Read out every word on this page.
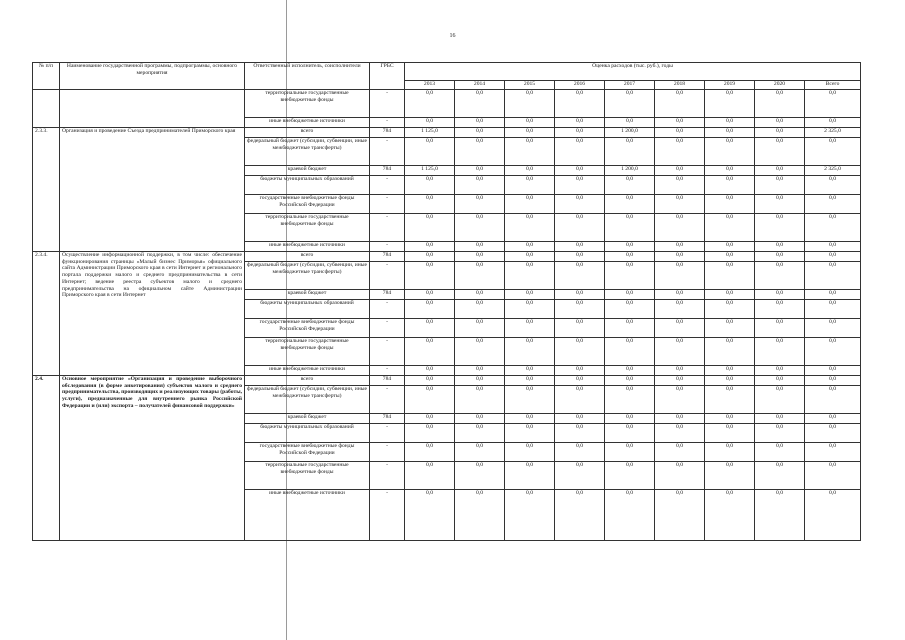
16
№ п/п	Наименование государственной программы, подпрограммы, основного мероприятия	Ответственный исполнитель, соисполнители	ГРБС	Оценка расходов (тыс. руб.), годы								
				2013	2014	2015	2016	2017	2018	2019	2020	Всего
		территориальные государственные внебюджетные фонды	-	0,0	0,0	0,0	0,0	0,0	0,0	0,0	0,0	0,0
		иные внебюджетные источники	-	0,0	0,0	0,0	0,0	0,0	0,0	0,0	0,0	0,0
2.3.3.	Организация и проведение Съезда предпринимателей Приморского края	всего	784	1 125,0	0,0	0,0	0,0	1 200,0	0,0	0,0	0,0	2 325,0
		федеральный бюджет (субсидии, субвенции, иные межбюджетные трансферты)	-	0,0	0,0	0,0	0,0	0,0	0,0	0,0	0,0	0,0
		краевой бюджет	784	1 125,0	0,0	0,0	0,0	1 200,0	0,0	0,0	0,0	2 325,0
		бюджеты муниципальных образований	-	0,0	0,0	0,0	0,0	0,0	0,0	0,0	0,0	0,0
		государственные внебюджетные фонды Российской Федерации	-	0,0	0,0	0,0	0,0	0,0	0,0	0,0	0,0	0,0
		территориальные государственные внебюджетные фонды	-	0,0	0,0	0,0	0,0	0,0	0,0	0,0	0,0	0,0
		иные внебюджетные источники	-	0,0	0,0	0,0	0,0	0,0	0,0	0,0	0,0	0,0
2.3.4.	Осуществление информационной поддержки, в том числе: обеспечение функционирования страницы «Малый бизнес Приморья» официального сайта Администрации Приморского края в сети Интернет и регионального портала поддержки малого и среднего предпринимательства в сети Интернет; ведение реестра субъектов малого и среднего предпринимательства на официальном сайте Администрации Приморского края в сети Интернет	всего	784	0,0	0,0	0,0	0,0	0,0	0,0	0,0	0,0	0,0
		федеральный бюджет (субсидии, субвенции, иные межбюджетные трансферты)	-	0,0	0,0	0,0	0,0	0,0	0,0	0,0	0,0	0,0
		краевой бюджет	784	0,0	0,0	0,0	0,0	0,0	0,0	0,0	0,0	0,0
		бюджеты муниципальных образований	-	0,0	0,0	0,0	0,0	0,0	0,0	0,0	0,0	0,0
		государственные внебюджетные фонды Российской Федерации	-	0,0	0,0	0,0	0,0	0,0	0,0	0,0	0,0	0,0
		территориальные государственные внебюджетные фонды	-	0,0	0,0	0,0	0,0	0,0	0,0	0,0	0,0	0,0
		иные внебюджетные источники	-	0,0	0,0	0,0	0,0	0,0	0,0	0,0	0,0	0,0
2.4.	Основное мероприятие «Организация и проведение выборочного обследования (в форме анкетирования) субъектов малого и среднего предпринимательства, производящих и реализующих товары (работы, услуги), предназначенные для внутреннего рынка Российской Федерации и (или) экспорта – получателей финансовой поддержки»	всего	784	0,0	0,0	0,0	0,0	0,0	0,0	0,0	0,0	0,0
		федеральный бюджет (субсидии, субвенции, иные межбюджетные трансферты)	-	0,0	0,0	0,0	0,0	0,0	0,0	0,0	0,0	0,0
		краевой бюджет	784	0,0	0,0	0,0	0,0	0,0	0,0	0,0	0,0	0,0
		бюджеты муниципальных образований	-	0,0	0,0	0,0	0,0	0,0	0,0	0,0	0,0	0,0
		государственные внебюджетные фонды Российской Федерации	-	0,0	0,0	0,0	0,0	0,0	0,0	0,0	0,0	0,0
		территориальные государственные внебюджетные фонды	-	0,0	0,0	0,0	0,0	0,0	0,0	0,0	0,0	0,0
		иные внебюджетные источники	-	0,0	0,0	0,0	0,0	0,0	0,0	0,0	0,0	0,0
